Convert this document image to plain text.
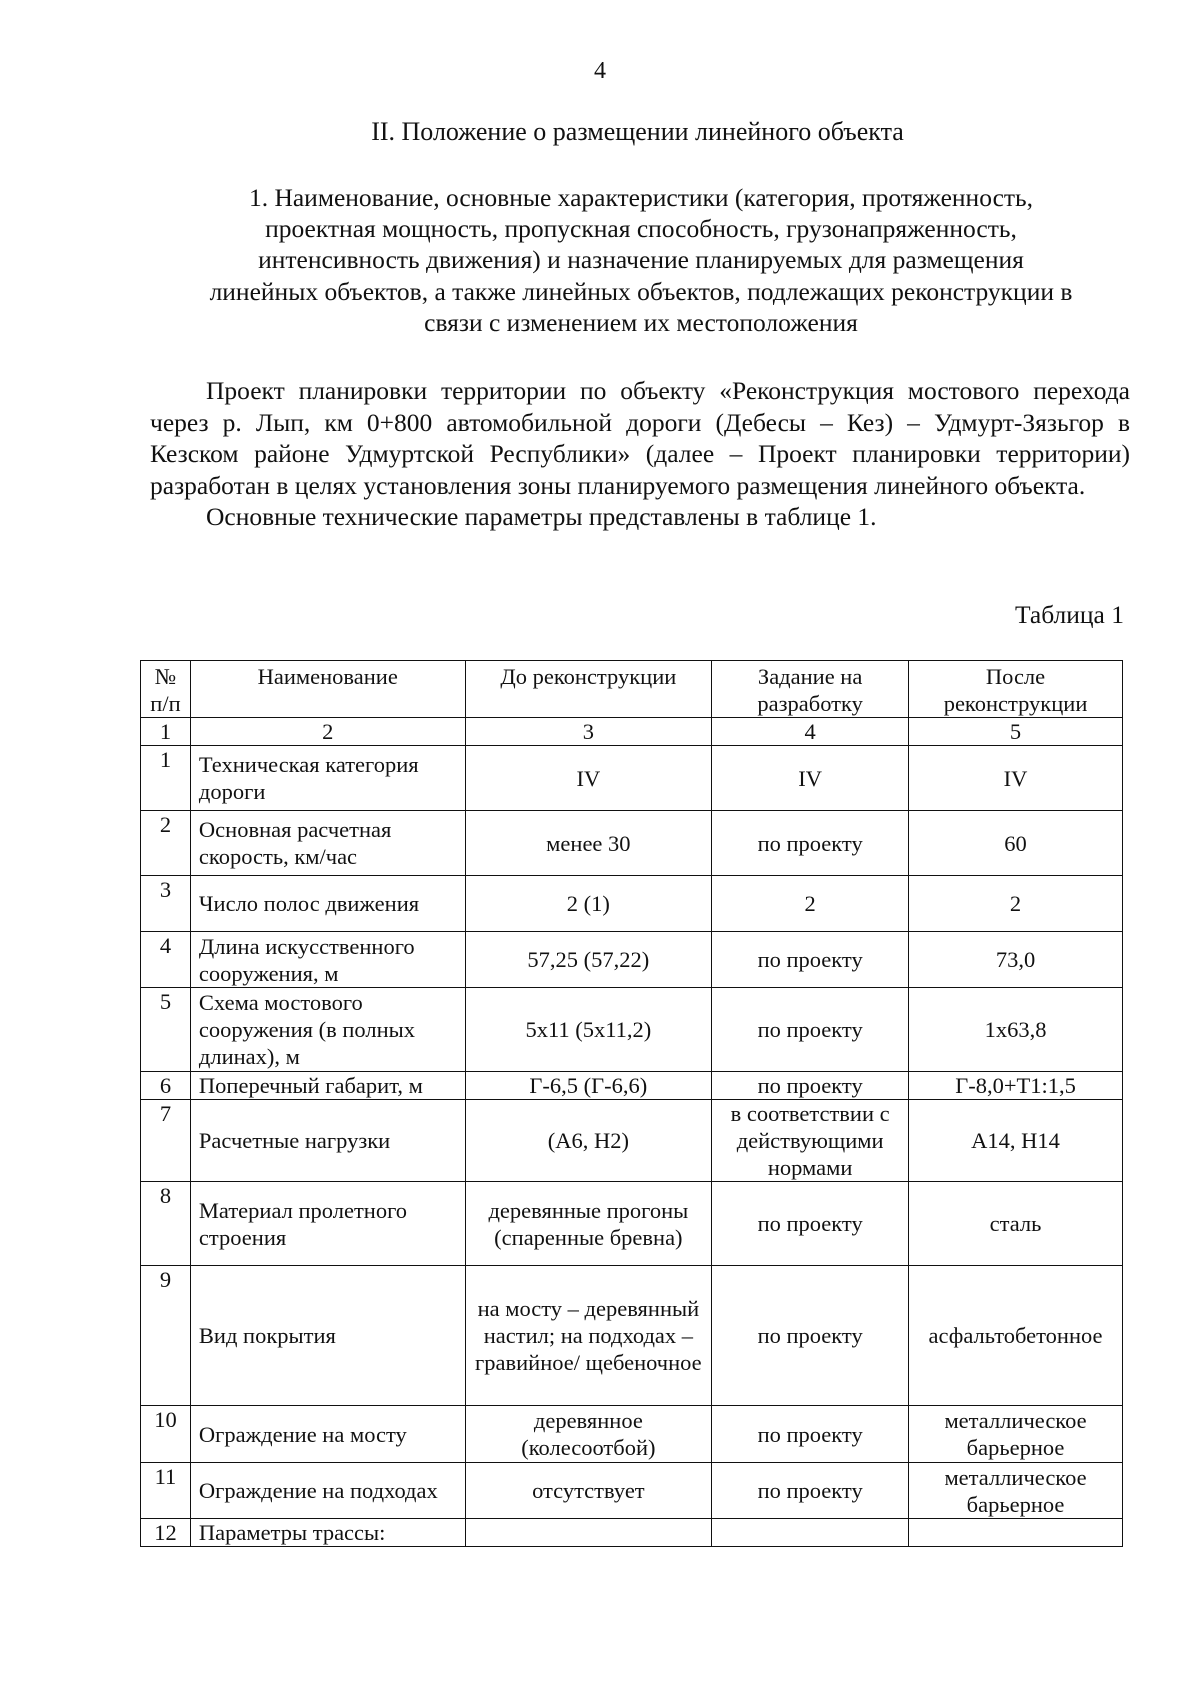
4
II. Положение о размещении линейного объекта

1. Наименование, основные характеристики (категория, протяженность,

проектная мощность, пропускная способность, грузонапряженность,

интенсивность движения) и назначение планируемых для размещения

линейных объектов, а также линейных объектов, подлежащих реконструкции в

связи с изменением их местоположения

Проект планировки территории по объекту «Реконструкция мостового перехода через р. Лып, км 0+800 автомобильной дороги (Дебесы – Кез) – Удмурт-Зязьгор в Кезском районе Удмуртской Республики» (далее – Проект планировки территории) разработан в целях установления зоны планируемого размещения линейного объекта.

Основные технические параметры представлены в таблице 1.

Таблица 1
№ п/п	Наименование	До реконструкции	Задание на разработку	После реконструкции
1	2	3	4	5
1	Техническая категория дороги	IV	IV	IV
2	Основная расчетная скорость, км/час	менее 30	по проекту	60
3	Число полос движения	2 (1)	2	2
4	Длина искусственного сооружения, м	57,25 (57,22)	по проекту	73,0
5	Схема мостового сооружения (в полных длинах), м	5x11 (5x11,2)	по проекту	1x63,8
6	Поперечный габарит, м	Г-6,5 (Г-6,6)	по проекту	Г-8,0+Т1:1,5
7	Расчетные нагрузки	(А6, Н2)	в соответствии с действующими нормами	А14, Н14
8	Материал пролетного строения	деревянные прогоны (спаренные бревна)	по проекту	сталь
9	Вид покрытия	на мосту – деревянный настил; на подходах – гравийное/ щебеночное	по проекту	асфальтобетонное
10	Ограждение на мосту	деревянное (колесоотбой)	по проекту	металлическое барьерное
11	Ограждение на подходах	отсутствует	по проекту	металлическое барьерное
12	Параметры трассы:			
